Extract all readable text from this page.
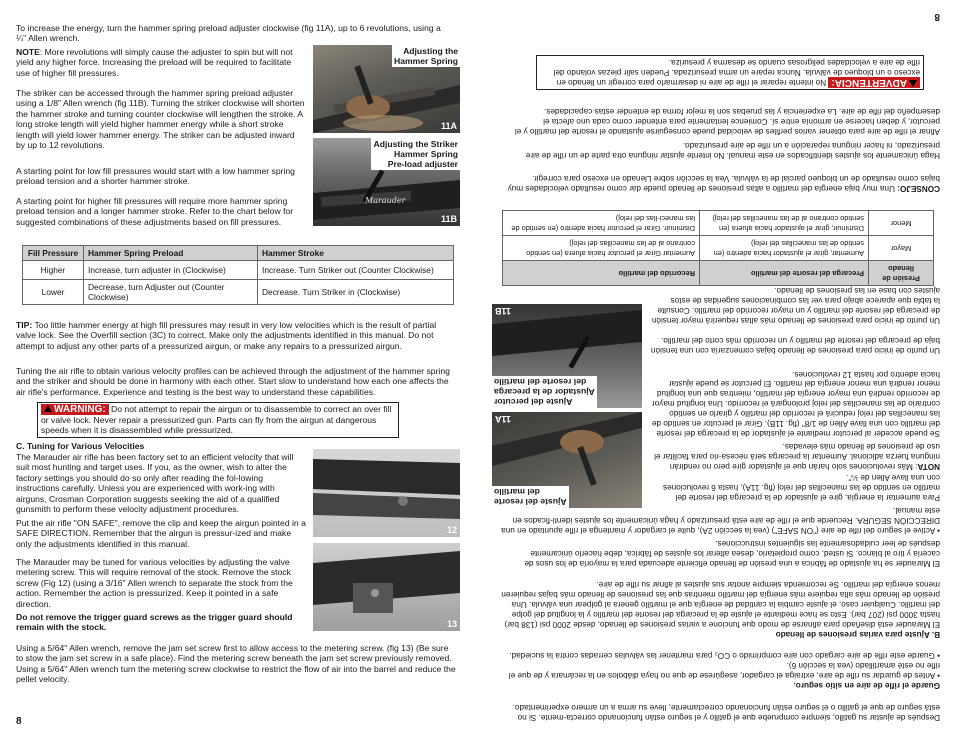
To increase the energy, turn the hammer spring preload adjuster clockwise (fig 11A), up to 6 revolutions, using a ¼" Allen wrench.
NOTE: More revolutions will simply cause the adjuster to spin but will not yield any higher force. Increasing the preload will be required to facilitate use of higher fill pressures.
The striker can be accessed through the hammer spring preload adjuster using a 1/8" Allen wrench (fig 11B). Turning the striker clockwise will shorten the hammer stroke and turning counter clockwise will lengthen the stroke. A long stroke length will yield higher hammer energy while a short stroke length will yield lower hammer energy. The striker can be adjusted inward by up to 12 revolutions.
A starting point for low fill pressures would start with a low hammer spring preload tension and a shorter hammer stroke.
A starting point for higher fill pressures will require more hammer spring preload tension and a longer hammer stroke. Refer to the chart below for suggested combinations of these adjustments based on fill pressures.
Adjusting the
Hammer Spring
11A
Marauder
Adjusting the Striker
Hammer Spring
Pre-load adjuster
11B
Fill Pressure	Hammer Spring Preload	Hammer Stroke
Higher	Increase, turn adjuster in (Clockwise)	Increase. Turn Striker out (Counter Clockwise)
Lower	Decrease, turn Adjuster out (Counter Clockwise)	Decrease. Turn Striker in (Clockwise)
TIP: Too little hammer energy at high fill pressures may result in very low velocities which is the result of partial valve lock. See the Overfill section (3C) to correct. Make only the adjustments identified in this manual. Do not attempt to adjust any other parts of a pressurized airgun, or make any repairs to a pressurized airgun.
Tuning the air rifle to obtain various velocity profiles can be achieved through the adjustment of the hammer spring and the striker and should be done in harmony with each other. Start slow to understand how each one affects the air rifle's performance. Experience and testing is the best way to understand these capabilities.
WARNING: Do not attempt to repair the airgun or to disassemble to correct an over fill or valve lock. Never repair a pressurized gun. Parts can fly from the airgun at dangerous speeds when it is disassembled while pressurized.
C. Tuning for Various Velocities
The Marauder air rifle has been factory set to an efficient velocity that will suit most hunting and target uses. If you, as the owner, wish to alter the factory settings you should do so only after reading the fol-lowing instructions carefully. Unless you are experienced with work-ing with airguns, Crosman Corporation suggests seeking the aid of a qualified gunsmith to perform these velocity adjustment procedures.
Put the air rifle "ON SAFE", remove the clip and keep the airgun pointed in a SAFE DIRECTION. Remember that the airgun is pressur-ized and make only the adjustments identified in this manual.
The Marauder may be tuned for various velocities by adjusting the valve metering screw. This will require removal of the stock. Remove the stock screw (Fig 12) (using a 3/16" Allen wrench to separate the stock from the action. Remember the action is pressurized. Keep it pointed in a safe direction.
Do not remove the trigger guard screws as the trigger guard should remain with the stock.
12
13
Using a 5/64" Allen wrench, remove the jam set screw first to allow access to the metering screw. (fig 13) (Be sure to stow the jam set screw in a safe place). Find the metering screw beneath the jam set screw previously removed. Using a 5/64" Allen wrench turn the metering screw clockwise to restrict the flow of air into the barrel and reduce the pellet velocity.
8
8
Después de ajustar su gatillo, siempre compruebe que el gatillo y el seguro están funcionando correcta-mente. Si no está seguro de que el gatillo o el seguro están funcionando correctamente, lleve su arma a un armero experimentado.

Guarde el rifle de aire en sitio seguro.

• Antes de guardar su rifle de aire, extraiga el cargador, asegúrese de que no haya diábolos en la recámara y de que el rifle no esté amartillado (vea la sección 6).

• Guarde este rifle de aire cargado con aire comprimido o CO₂ para mantener las válvulas cerradas contra la suciedad.

B. Ajuste para varias presiones de llenado

El Marauder está diseñado para afinarse de modo que funcione a varias presiones de llenado, desde 2000 psi (138 bar) hasta 3000 psi (207 bar). Esto se hace mediante el ajuste de la precarga del resorte del martillo y la longitud del golpe del martillo. Cualquier caso, el ajuste cambia la cantidad de energía que el martillo genera al golpear una válvula. Una presión de llenado más alta requiere más energía del martillo mientras que las presiones de llenado más bajas requieren menos energía del martillo. Se recomienda siempre anotar sus ajustes al afinar su rifle de aire.

El Marauder se ha ajustado de fábrica a una presión de llenado eficiente adecuada para la mayoría de los usos de cacería y tiro al blanco. Si usted, como propietario, desea alterar los ajustes de fábrica, debe hacerlo únicamente después de leer cuidadosamente las siguientes instrucciones.
• Active el seguro del rifle de aire ("ON SAFE") (vea la sección 2A), quite el cargador y mantenga el rifle apuntado en una DIRECCIÓN SEGURA. Recuerde que el rifle de aire está presurizado y haga únicamente los ajustes identi-ficados en este manual.
Para aumentar la energía, gire el ajustador de la precarga del resorte del martillo en sentido de las manecillas del reloj (fig. 11A), hasta 6 revoluciones con una llave Allen de ¼".
NOTA: Más revoluciones solo harán que el ajustador gire pero no rendirán ninguna fuerza adicional. Aumentar la precarga será necesa-rio para facilitar el uso de presiones de llenado más elevadas.
Se puede acceder al percutor mediante el ajustador de la precarga del resorte del martillo con una llave Allen de 1/8" (fig. 11B). Girar el percutor en sentido de las manecillas del reloj reducirá el recorrido del martillo y girarlo en sentido contrario de las manecillas del reloj prolongará el recorrido. Una longitud mayor de recorrido rendirá una mayor energía del martillo, mientras que una longitud menor rendirá una menor energía del martillo. El percutor se puede ajustar hacia adentro por hasta 12 revoluciones.
Un punto de inicio para presiones de llenado bajas comenzaría con una tensión baja de precarga del resorte del martillo y un recorrido más corto del martillo.
Un punto de inicio para presiones de llenado más altas requerirá mayor tensión de precarga del resorte del martillo y un mayor recorrido del martillo. Consulte la tabla que aparece abajo para ver las combinaciones sugeridas de estos ajustes con base en las presiones de llenado.
Ajuste del resorte
del martillo
11A
Ajuste del percutor
Ajustador de la precarga
del resorte del martillo
11B
Presión de llenado	Precarga del resorte del martillo	Recorrido del martillo
Mayor	Aumentar, girar el ajustador hacia adentro (en sentido de las manecillas del reloj)	Aumentar Girar el percutor hacia afuera (en sentido contrario al de las manecillas del reloj)
Menor	Disminuir, girar el ajustador hacia afuera (en sentido contrario al de las manecillas del reloj)	Disminuir. Girar el percutor hacia adentro (en sentido de las maneci-llas del reloj)
CONSEJO: Una muy baja energía del martillo a altas presiones de llenado puede dar como resultado velocidades muy bajas como resultado de un bloqueo parcial de la válvula. Vea la sección sobre Llenado en exceso para corregir.
Haga únicamente los ajustes identificados en este manual. No intente ajustar ninguna otra parte de un rifle de aire presurizado, ni hacer ninguna reparación a un rifle de aire presurizado.
Afinar el rifle de aire para obtener varios perfiles de velocidad puede conseguirse ajustando el resorte del martillo y el percutor, y deben hacerse en armonía entre sí. Comience lentamente para entender como cada uno afecta el desempeño del rifle de aire. La experiencia y las pruebas son la mejor forma de entender estas capacidades.
ADVERTENCIA: No intente reparar el rifle de aire ni desarmarlo para corregir un llenado en exceso o un bloqueo de válvula. Nunca repare un arma presurizada. Pueden salir piezas volando del rifle de aire a velocidades peligrosas cuando se desarma y presuriza.
